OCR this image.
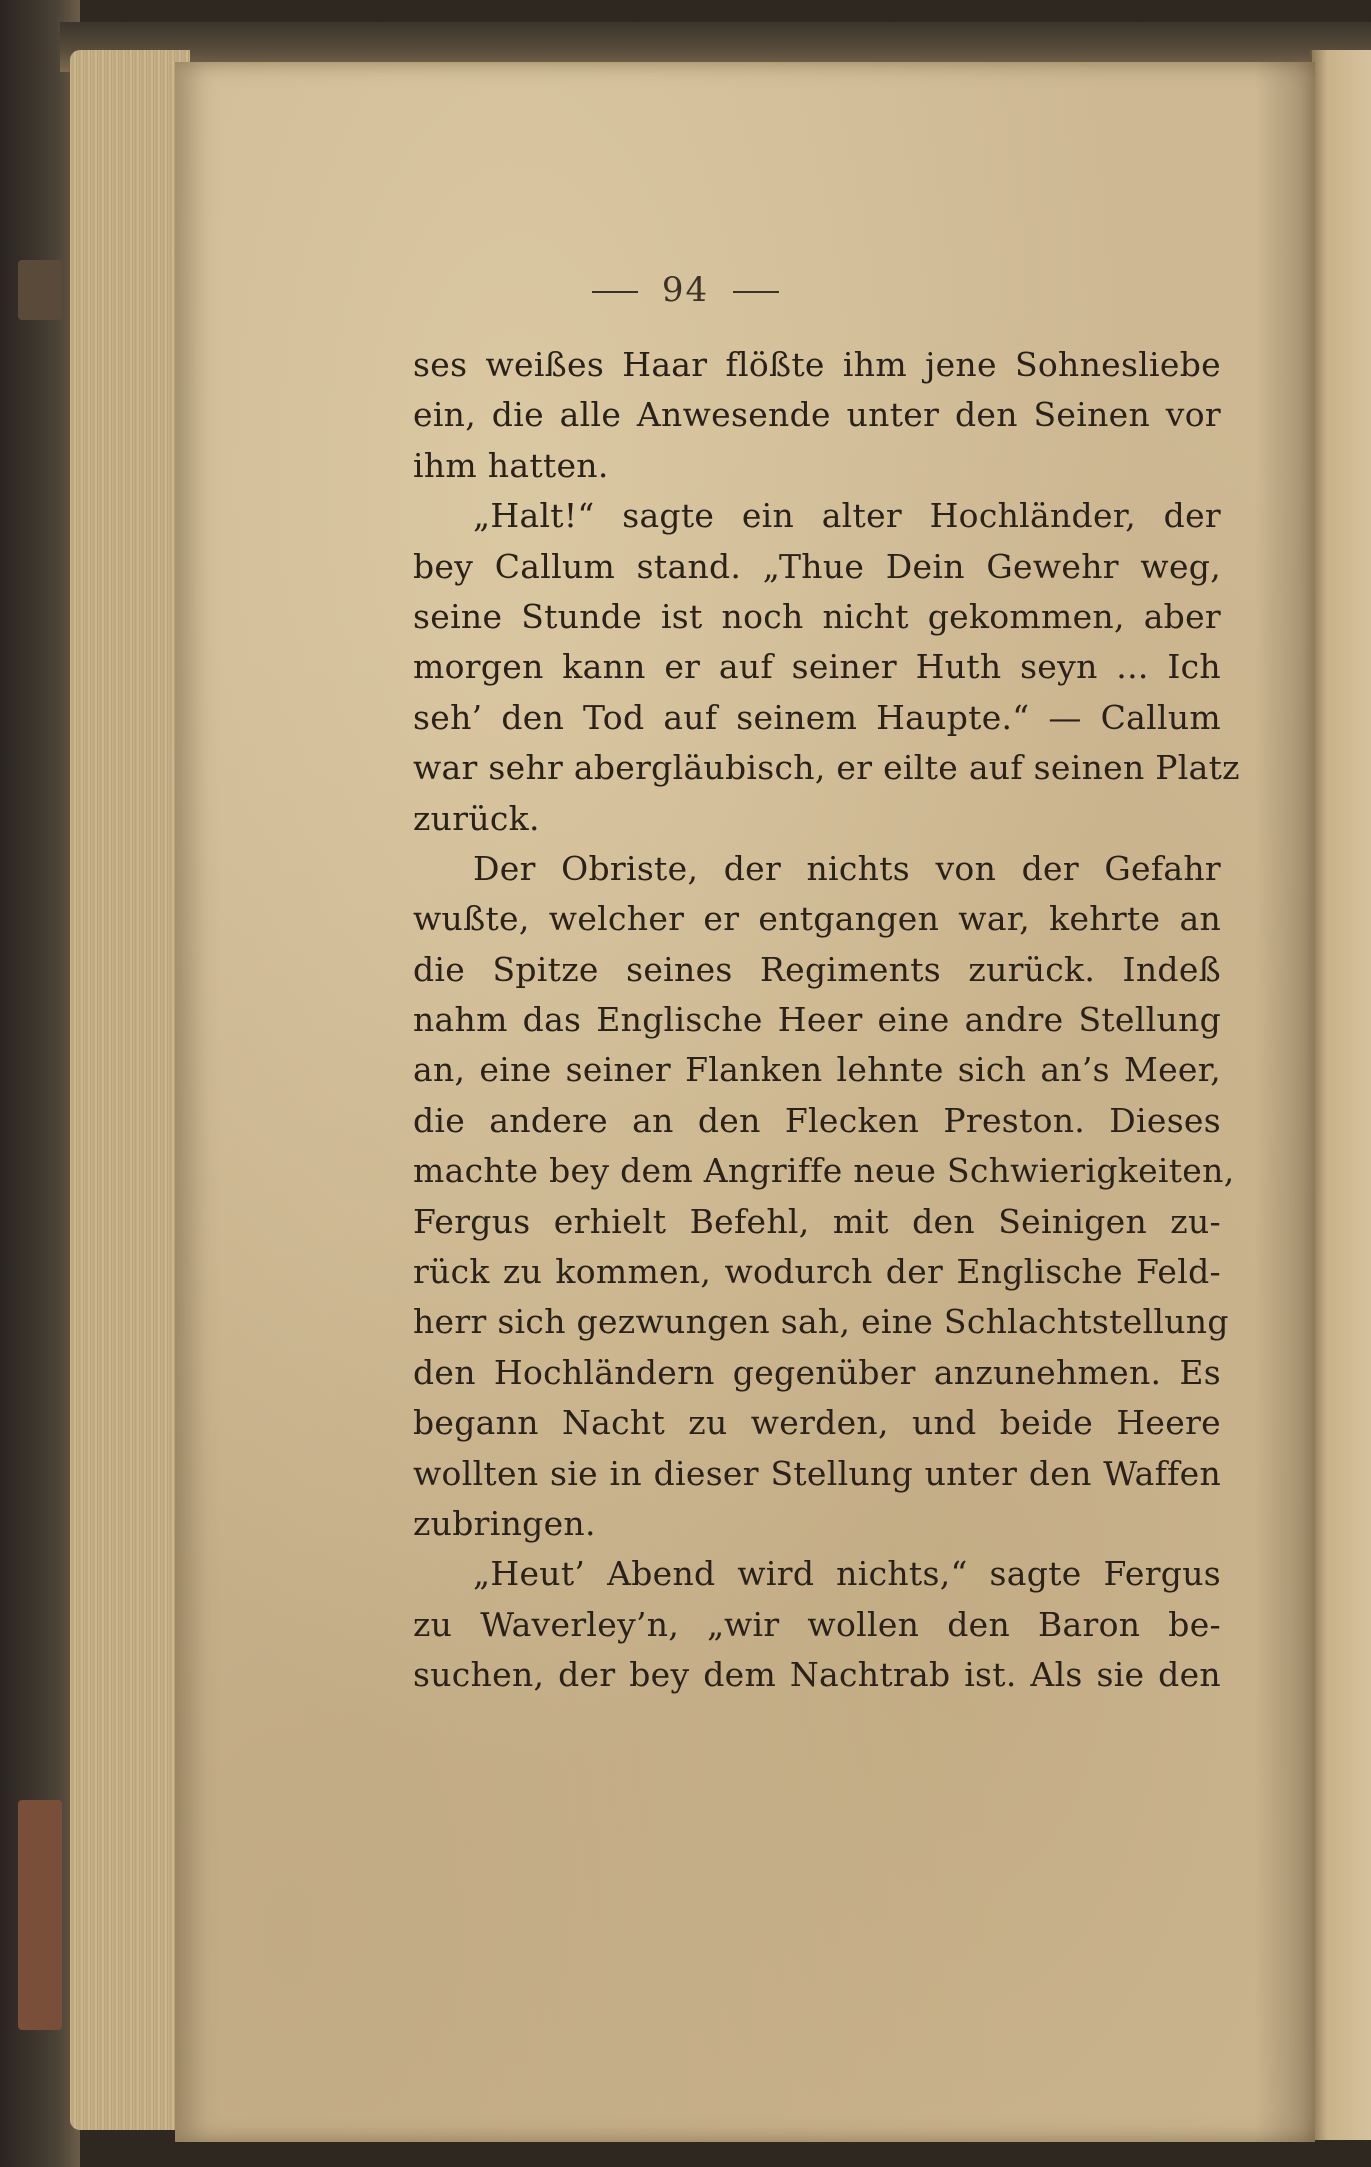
94
ses weißes Haar flößte ihm jene Sohnesliebe
ein, die alle Anwesende unter den Seinen vor
ihm hatten.
„Halt!“ sagte ein alter Hochländer, der
bey Callum stand. „Thue Dein Gewehr weg,
seine Stunde ist noch nicht gekommen, aber
morgen kann er auf seiner Huth seyn ... Ich
seh’ den Tod auf seinem Haupte.“ — Callum
war sehr abergläubisch, er eilte auf seinen Platz
zurück.
Der Obriste, der nichts von der Gefahr
wußte, welcher er entgangen war, kehrte an
die Spitze seines Regiments zurück. Indeß
nahm das Englische Heer eine andre Stellung
an, eine seiner Flanken lehnte sich an’s Meer,
die andere an den Flecken Preston. Dieses
machte bey dem Angriffe neue Schwierigkeiten,
Fergus erhielt Befehl, mit den Seinigen zu-
rück zu kommen, wodurch der Englische Feld-
herr sich gezwungen sah, eine Schlachtstellung
den Hochländern gegenüber anzunehmen. Es
begann Nacht zu werden, und beide Heere
wollten sie in dieser Stellung unter den Waffen
zubringen.
„Heut’ Abend wird nichts,“ sagte Fergus
zu Waverley’n, „wir wollen den Baron be-
suchen, der bey dem Nachtrab ist. Als sie den
